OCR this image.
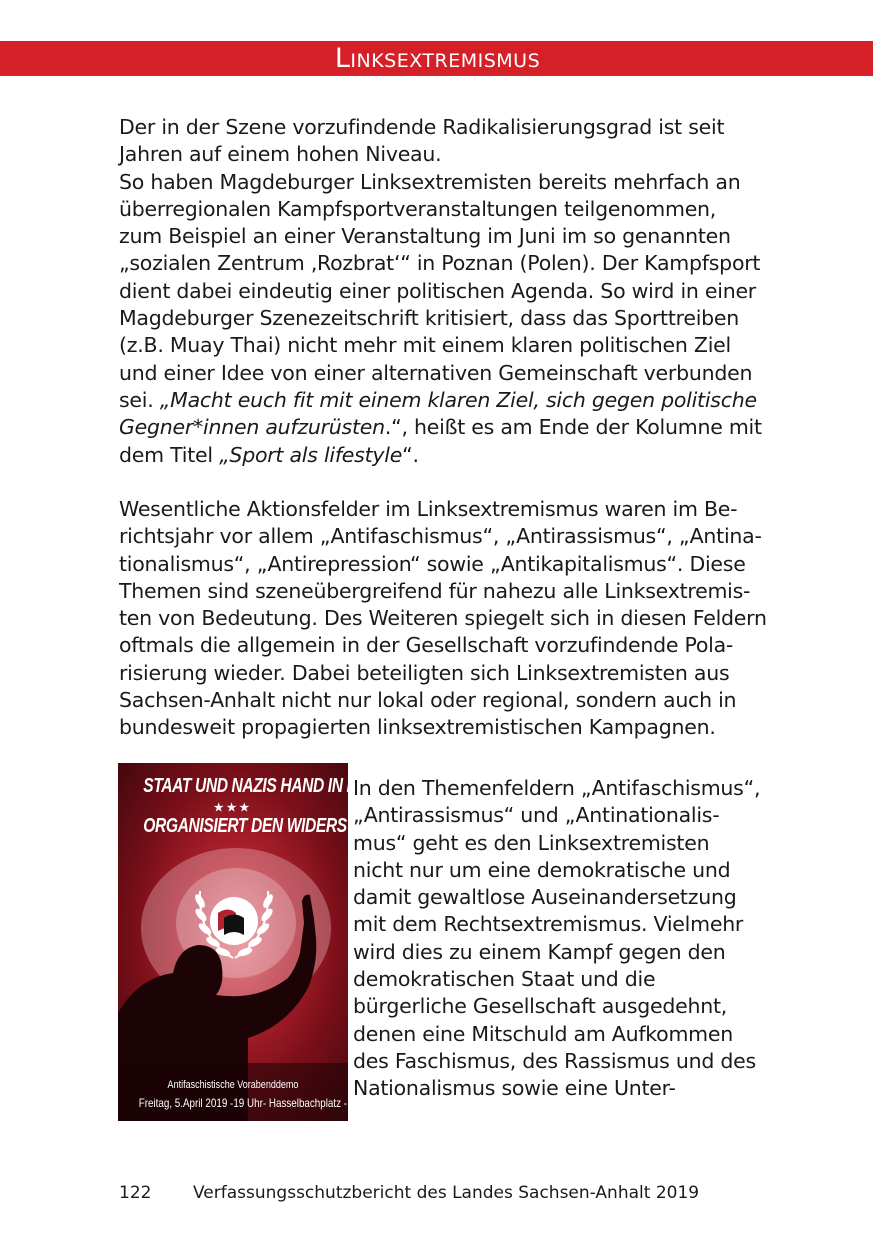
Linksextremismus
Der in der Szene vorzufindende Radikalisierungsgrad ist seit
Jahren auf einem hohen Niveau.
So haben Magdeburger Linksextremisten bereits mehrfach an
überregionalen Kampfsportveranstaltungen teilgenommen,
zum Beispiel an einer Veranstaltung im Juni im so genannten
„sozialen Zentrum ‚Rozbrat‘“ in Poznan (Polen). Der Kampfsport
dient dabei eindeutig einer politischen Agenda. So wird in einer
Magdeburger Szenezeitschrift kritisiert, dass das Sporttreiben
(z.B. Muay Thai) nicht mehr mit einem klaren politischen Ziel
und einer Idee von einer alternativen Gemeinschaft verbunden
sei. „Macht euch fit mit einem klaren Ziel, sich gegen politische
Gegner*innen aufzurüsten.“, heißt es am Ende der Kolumne mit
dem Titel „Sport als lifestyle“.
Wesentliche Aktionsfelder im Linksextremismus waren im Be-
richtsjahr vor allem „Antifaschismus“, „Antirassismus“, „Antina-
tionalismus“, „Antirepression“ sowie „Antikapitalismus“. Diese
Themen sind szeneübergreifend für nahezu alle Linksextremis-
ten von Bedeutung. Des Weiteren spiegelt sich in diesen Feldern
oftmals die allgemein in der Gesellschaft vorzufindende Pola-
risierung wieder. Dabei beteiligten sich Linksextremisten aus
Sachsen-Anhalt nicht nur lokal oder regional, sondern auch in
bundesweit propagierten linksextremistischen Kampagnen.
STAAT UND NAZIS HAND IN HAND
★★★
ORGANISIERT DEN WIDERSTAND
Antifaschistische Vorabenddemo
Freitag, 5.April 2019 -19 Uhr- Hasselbachplatz - Magdeburg
In den Themenfeldern „Antifaschismus“,
„Antirassismus“ und „Antinationalis-
mus“ geht es den Linksextremisten
nicht nur um eine demokratische und
damit gewaltlose Auseinandersetzung
mit dem Rechtsextremismus. Vielmehr
wird dies zu einem Kampf gegen den
demokratischen Staat und die
bürgerliche Gesellschaft ausgedehnt,
denen eine Mitschuld am Aufkommen
des Faschismus, des Rassismus und des
Nationalismus sowie eine Unter-
122 Verfassungsschutzbericht des Landes Sachsen-Anhalt 2019
